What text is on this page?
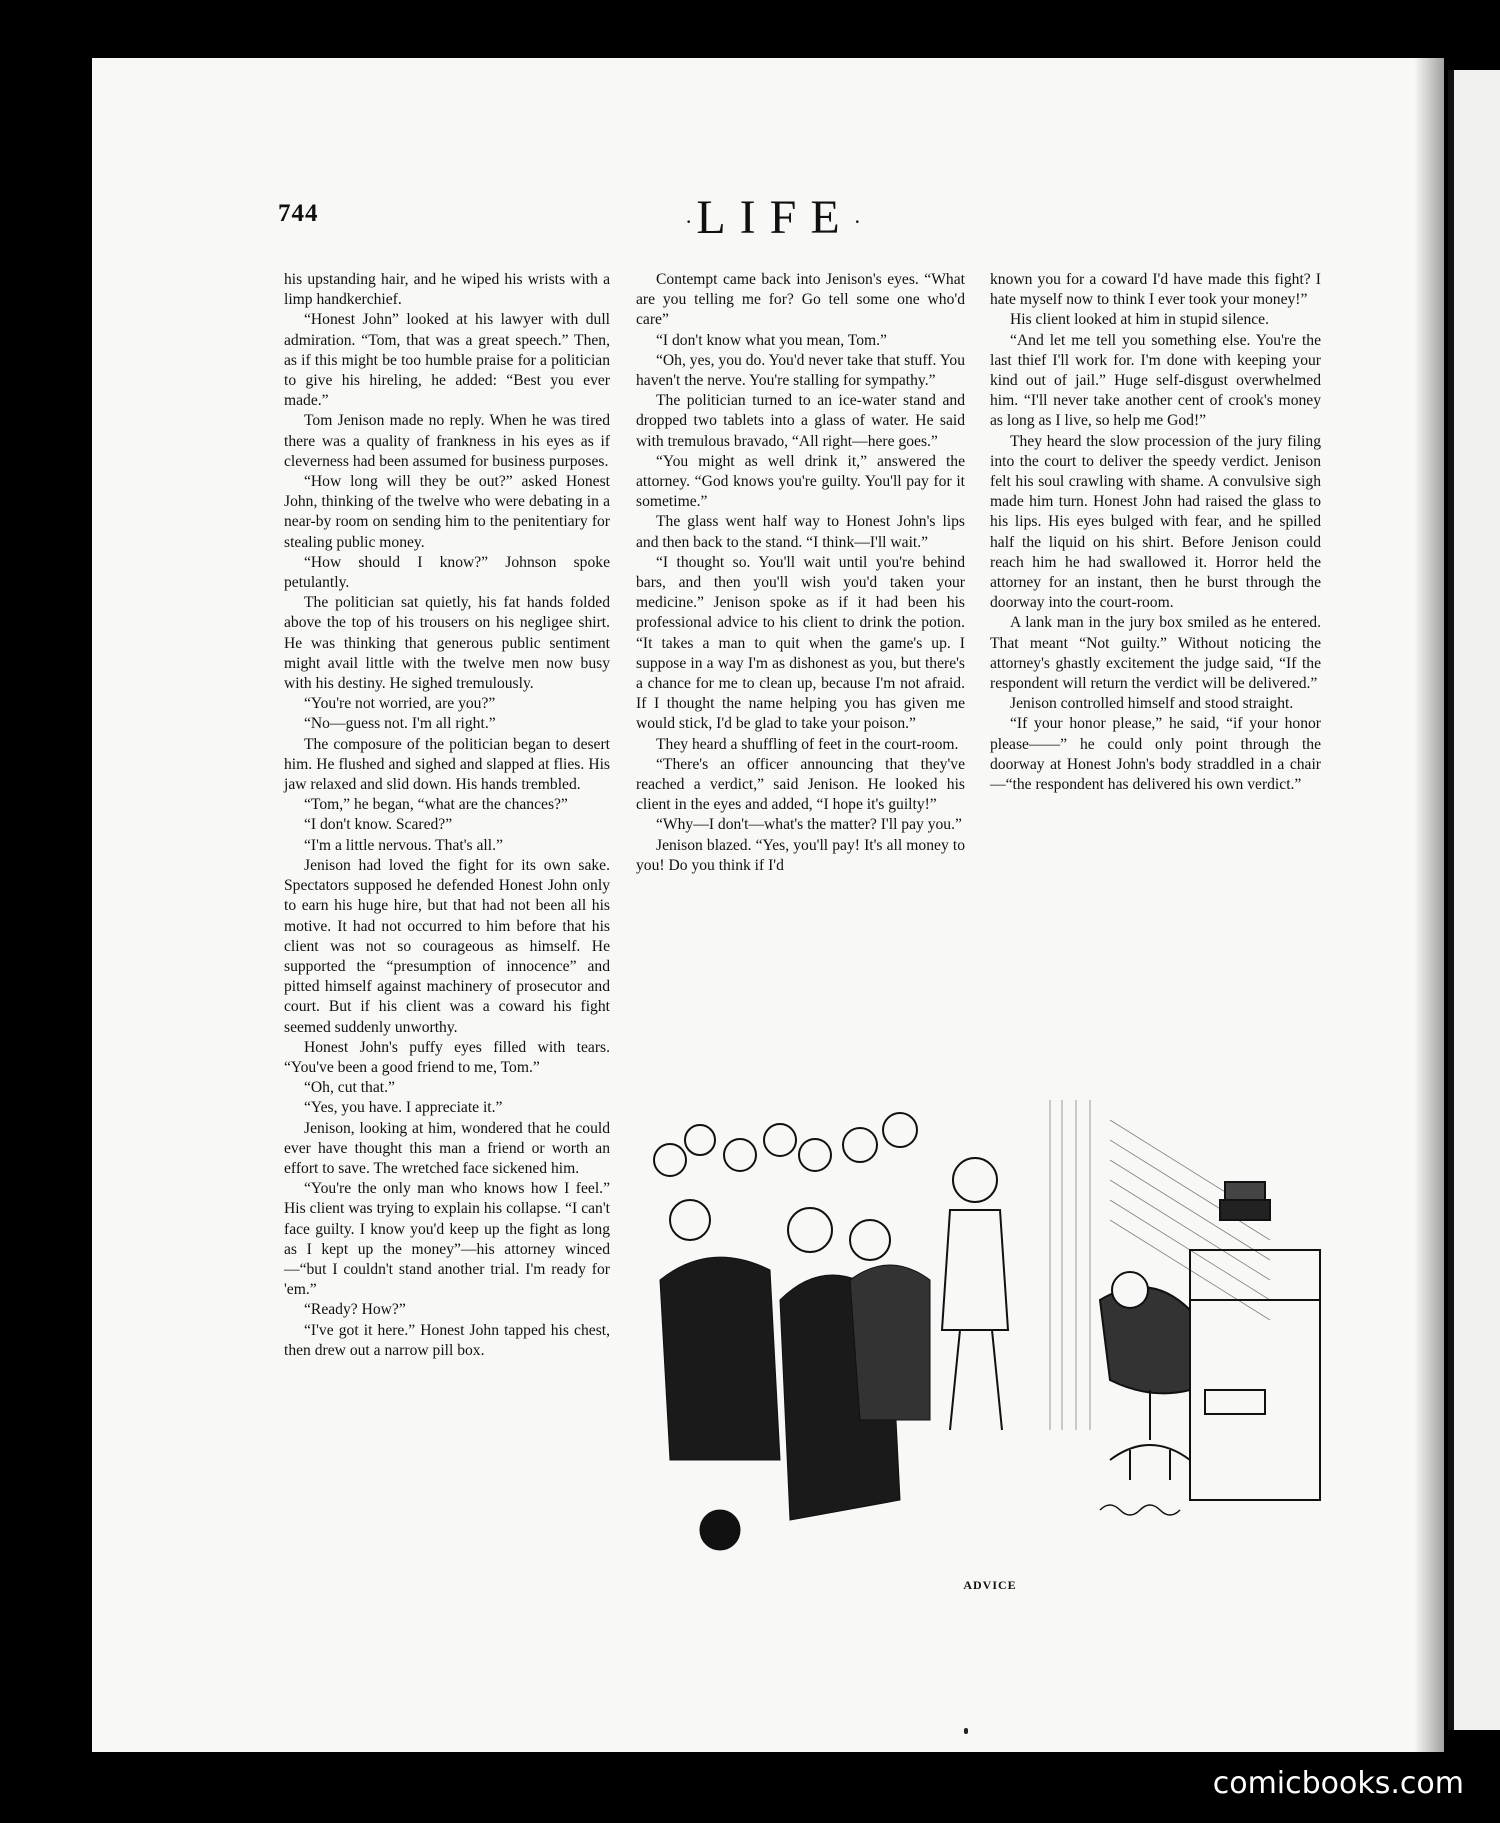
744	·LIFE·

his upstanding hair, and he wiped his wrists with a limp handkerchief.

“Honest John” looked at his lawyer with dull admiration. “Tom, that was a great speech.” Then, as if this might be too humble praise for a politician to give his hireling, he added: “Best you ever made.”

Tom Jenison made no reply. When he was tired there was a quality of frankness in his eyes as if cleverness had been assumed for business purposes.

“How long will they be out?” asked Honest John, thinking of the twelve who were debating in a near-by room on sending him to the penitentiary for stealing public money.

“How should I know?” Johnson spoke petulantly.

The politician sat quietly, his fat hands folded above the top of his trousers on his negligee shirt. He was thinking that generous public sentiment might avail little with the twelve men now busy with his destiny. He sighed tremulously.

“You're not worried, are you?”

“No—guess not. I'm all right.”

The composure of the politician began to desert him. He flushed and sighed and slapped at flies. His jaw relaxed and slid down. His hands trembled.

“Tom,” he began, “what are the chances?”

“I don't know. Scared?”

“I'm a little nervous. That's all.”

Jenison had loved the fight for its own sake. Spectators supposed he defended Honest John only to earn his huge hire, but that had not been all his motive. It had not occurred to him before that his client was not so courageous as himself. He supported the “presumption of innocence” and pitted himself against machinery of prosecutor and court. But if his client was a coward his fight seemed suddenly unworthy.

Honest John's puffy eyes filled with tears. “You've been a good friend to me, Tom.”

“Oh, cut that.”

“Yes, you have. I appreciate it.”

Jenison, looking at him, wondered that he could ever have thought this man a friend or worth an effort to save. The wretched face sickened him.

“You're the only man who knows how I feel.” His client was trying to explain his collapse. “I can't face guilty. I know you'd keep up the fight as long as I kept up the money”—his attorney winced—“but I couldn't stand another trial. I'm ready for 'em.”

“Ready? How?”

“I've got it here.” Honest John tapped his chest, then drew out a narrow pill box.

Contempt came back into Jenison's eyes. “What are you telling me for? Go tell some one who'd care”

“I don't know what you mean, Tom.”

“Oh, yes, you do. You'd never take that stuff. You haven't the nerve. You're stalling for sympathy.”

The politician turned to an ice-water stand and dropped two tablets into a glass of water. He said with tremulous bravado, “All right—here goes.”

“You might as well drink it,” answered the attorney. “God knows you're guilty. You'll pay for it sometime.”

The glass went half way to Honest John's lips and then back to the stand. “I think—I'll wait.”

“I thought so. You'll wait until you're behind bars, and then you'll wish you'd taken your medicine.” Jenison spoke as if it had been his professional advice to his client to drink the potion. “It takes a man to quit when the game's up. I suppose in a way I'm as dishonest as you, but there's a chance for me to clean up, because I'm not afraid. If I thought the name helping you has given me would stick, I'd be glad to take your poison.”

They heard a shuffling of feet in the court-room.

“There's an officer announcing that they've reached a verdict,” said Jenison. He looked his client in the eyes and added, “I hope it's guilty!”

“Why—I don't—what's the matter? I'll pay you.”

Jenison blazed. “Yes, you'll pay! It's all money to you! Do you think if I'd

known you for a coward I'd have made this fight? I hate myself now to think I ever took your money!”

His client looked at him in stupid silence.

“And let me tell you something else. You're the last thief I'll work for. I'm done with keeping your kind out of jail.” Huge self-disgust overwhelmed him. “I'll never take another cent of crook's money as long as I live, so help me God!”

They heard the slow procession of the jury filing into the court to deliver the speedy verdict. Jenison felt his soul crawling with shame. A convulsive sigh made him turn. Honest John had raised the glass to his lips. His eyes bulged with fear, and he spilled half the liquid on his shirt. Before Jenison could reach him he had swallowed it. Horror held the attorney for an instant, then he burst through the doorway into the court-room.

A lank man in the jury box smiled as he entered. That meant “Not guilty.” Without noticing the attorney's ghastly excitement the judge said, “If the respondent will return the verdict will be delivered.”

Jenison controlled himself and stood straight.

“If your honor please,” he said, “if your honor please——” he could only point through the doorway at Honest John's body straddled in a chair—“the respondent has delivered his own verdict.”

ADVICE
comicbooks.com
